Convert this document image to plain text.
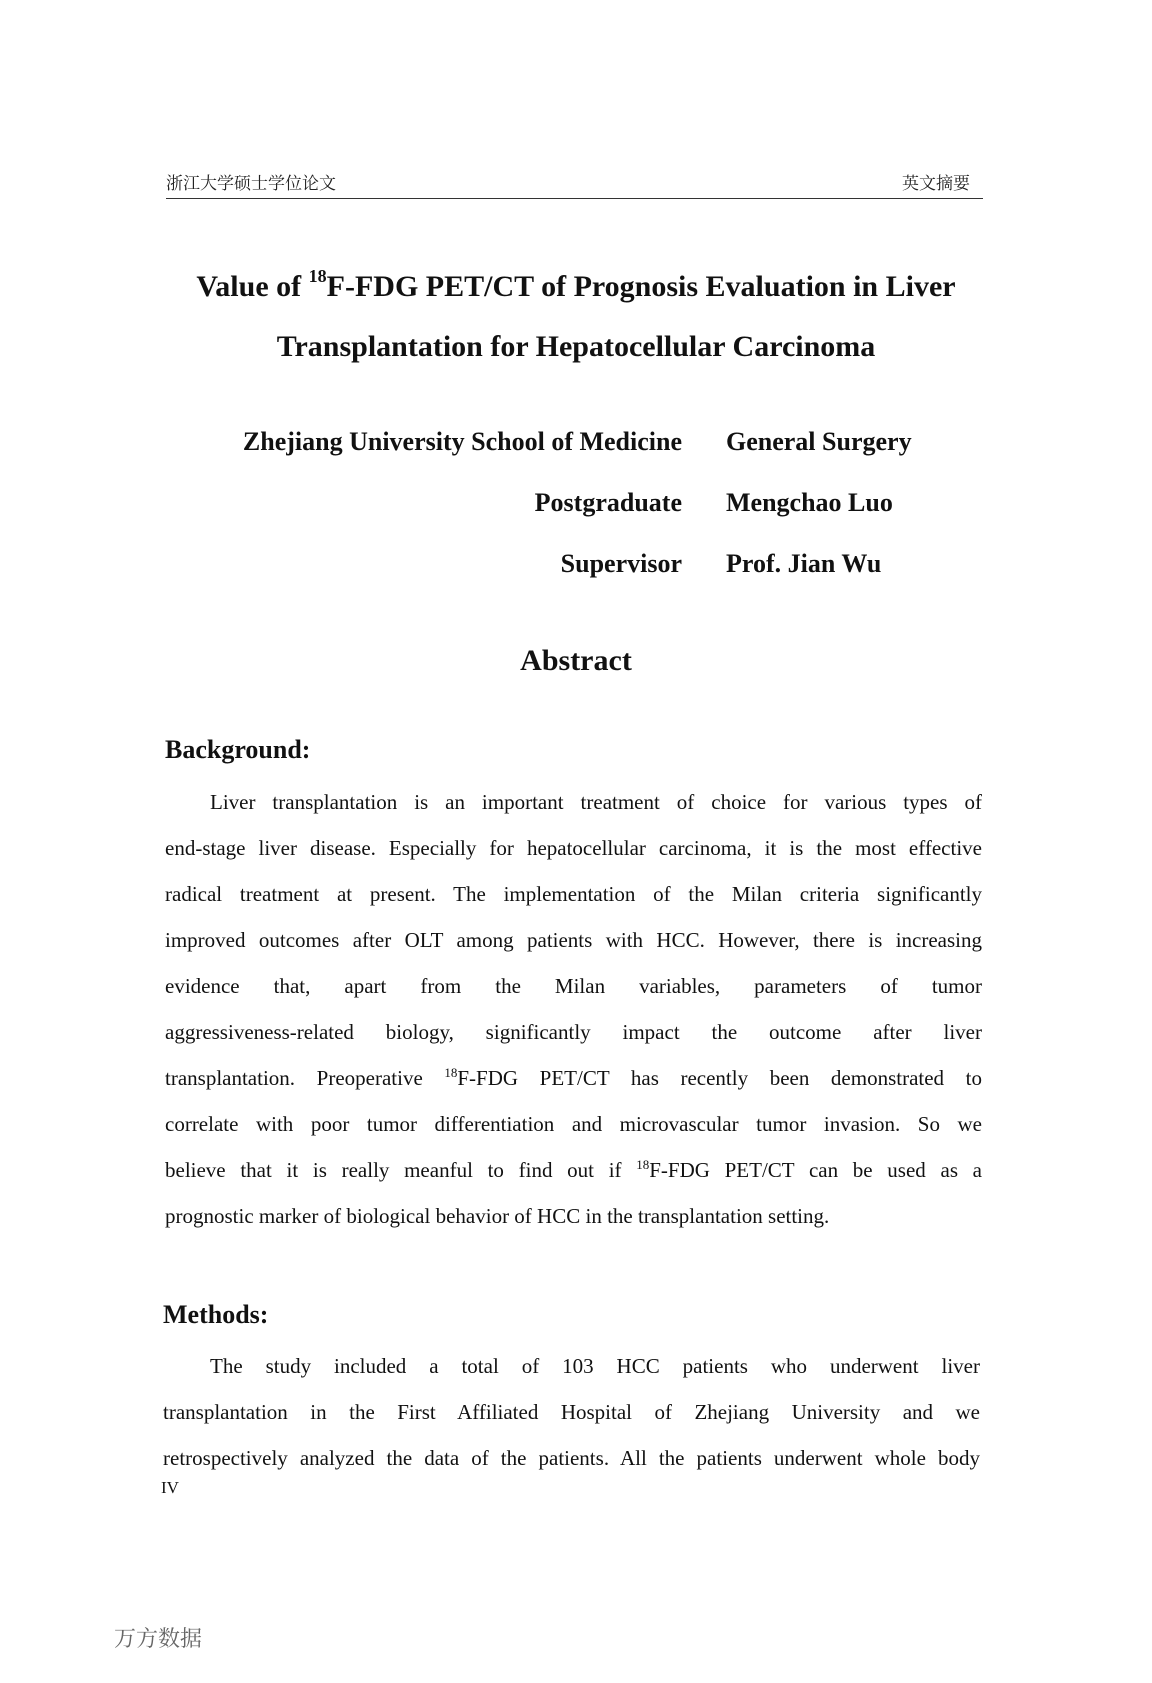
浙江大学硕士学位论文	英文摘要
Value of $^{18}$F-FDG PET/CT of Prognosis Evaluation in Liver
Transplantation for Hepatocellular Carcinoma
Zhejiang University School of Medicine General Surgery
Postgraduate Mengchao Luo
Supervisor Prof. Jian Wu
Abstract
Background:
Liver transplantation is an important treatment of choice for various types of
end-stage liver disease. Especially for hepatocellular carcinoma, it is the most effective
radical treatment at present. The implementation of the Milan criteria significantly
improved outcomes after OLT among patients with HCC. However, there is increasing
evidence that, apart from the Milan variables, parameters of tumor
aggressiveness-related biology, significantly impact the outcome after liver
transplantation. Preoperative $^{18}$F-FDG PET/CT has recently been demonstrated to
correlate with poor tumor differentiation and microvascular tumor invasion. So we
believe that it is really meanful to find out if $^{18}$F-FDG PET/CT can be used as a
prognostic marker of biological behavior of HCC in the transplantation setting.
Methods:
The study included a total of 103 HCC patients who underwent liver
transplantation in the First Affiliated Hospital of Zhejiang University and we
retrospectively analyzed the data of the patients. All the patients underwent whole body
IV
万方数据
